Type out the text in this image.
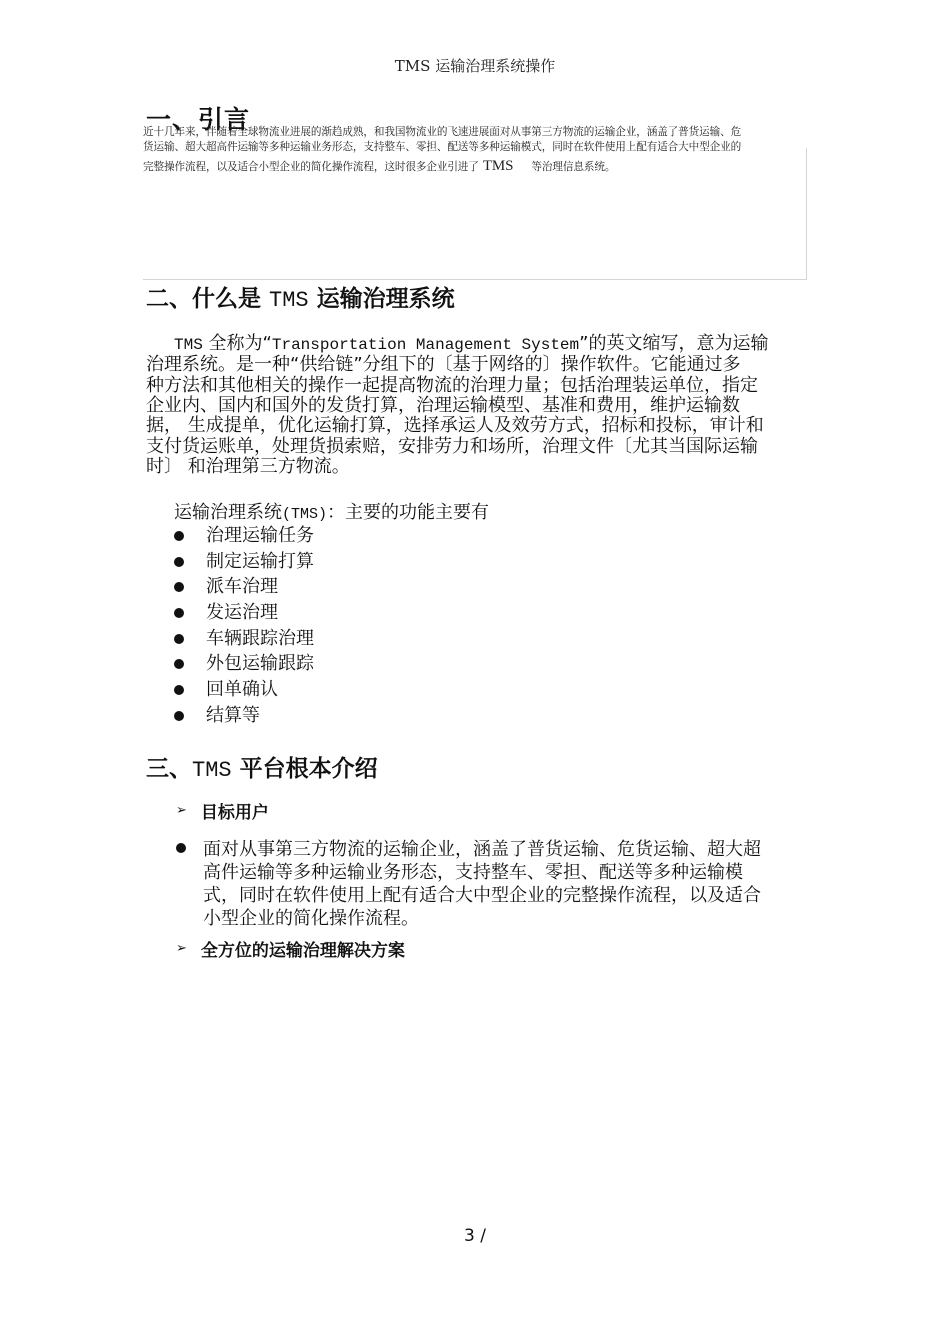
TMS 运输治理系统操作
一、引言
近十几年来，伴随着全球物流业进展的渐趋成熟，和我国物流业的飞速进展面对从事第三方物流的运输企业，涵盖了普货运输、危
货运输、超大超高件运输等多种运输业务形态，支持整车、零担、配送等多种运输模式，同时在软件使用上配有适合大中型企业的
完整操作流程，以及适合小型企业的简化操作流程，这时很多企业引进了 TMS 等治理信息系统。
二、什么是 TMS 运输治理系统
TMS 全称为“Transportation Management System”的英文缩写，意为运输
治理系统。是一种“供给链”分组下的〔基于网络的〕操作软件。它能通过多
种方法和其他相关的操作一起提高物流的治理力量；包括治理装运单位，指定
企业内、国内和国外的发货打算，治理运输模型、基准和费用，维护运输数
据， 生成提单，优化运输打算，选择承运人及效劳方式，招标和投标，审计和
支付货运账单，处理货损索赔，安排劳力和场所，治理文件〔尤其当国际运输
时〕 和治理第三方物流。
运输治理系统(TMS)：主要的功能主要有
治理运输任务
制定运输打算
派车治理
发运治理
车辆跟踪治理
外包运输跟踪
回单确认
结算等
三、TMS 平台根本介绍
➢ 目标用户
面对从事第三方物流的运输企业，涵盖了普货运输、危货运输、超大超
高件运输等多种运输业务形态，支持整车、零担、配送等多种运输模
式，同时在软件使用上配有适合大中型企业的完整操作流程，以及适合
小型企业的简化操作流程。
➢ 全方位的运输治理解决方案
3 /
